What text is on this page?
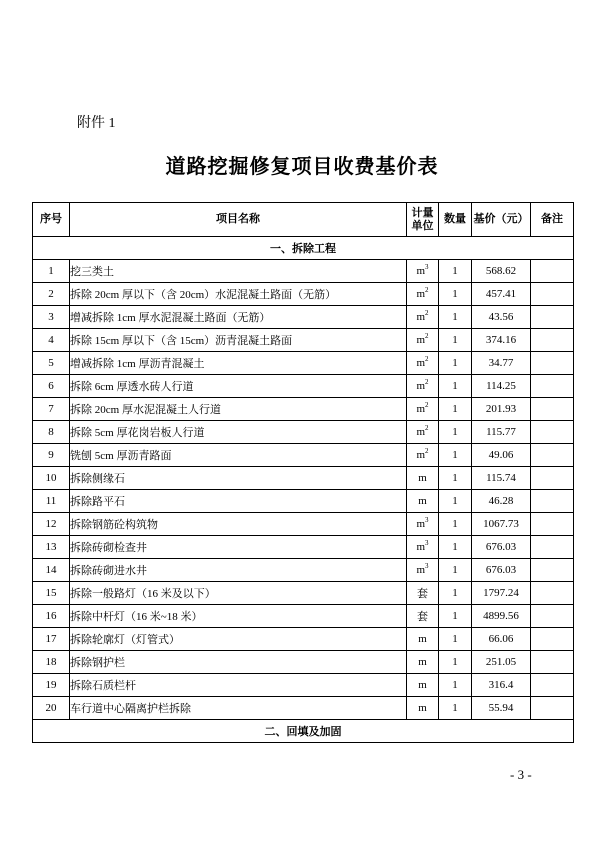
附件 1
道路挖掘修复项目收费基价表
序号	项目名称	计量单位	数量	基价（元）	备注
一、拆除工程					
1	挖三类土	$m^3$	1	568.62	
2	拆除 20cm 厚以下（含 20cm）水泥混凝土路面（无筋）	$m^2$	1	457.41	
3	增减拆除 1cm 厚水泥混凝土路面（无筋）	$m^2$	1	43.56	
4	拆除 15cm 厚以下（含 15cm）沥青混凝土路面	$m^2$	1	374.16	
5	增减拆除 1cm 厚沥青混凝土	$m^2$	1	34.77	
6	拆除 6cm 厚透水砖人行道	$m^2$	1	114.25	
7	拆除 20cm 厚水泥混凝土人行道	$m^2$	1	201.93	
8	拆除 5cm 厚花岗岩板人行道	$m^2$	1	115.77	
9	铣刨 5cm 厚沥青路面	$m^2$	1	49.06	
10	拆除侧缘石	m	1	115.74	
11	拆除路平石	m	1	46.28	
12	拆除钢筋砼构筑物	$m^3$	1	1067.73	
13	拆除砖砌检查井	$m^3$	1	676.03	
14	拆除砖砌进水井	$m^3$	1	676.03	
15	拆除一般路灯（16 米及以下）	套	1	1797.24	
16	拆除中杆灯（16 米~18 米）	套	1	4899.56	
17	拆除轮廓灯（灯管式）	m	1	66.06	
18	拆除钢护栏	m	1	251.05	
19	拆除石质栏杆	m	1	316.4	
20	车行道中心隔离护栏拆除	m	1	55.94	
二、回填及加固					
- 3 -
